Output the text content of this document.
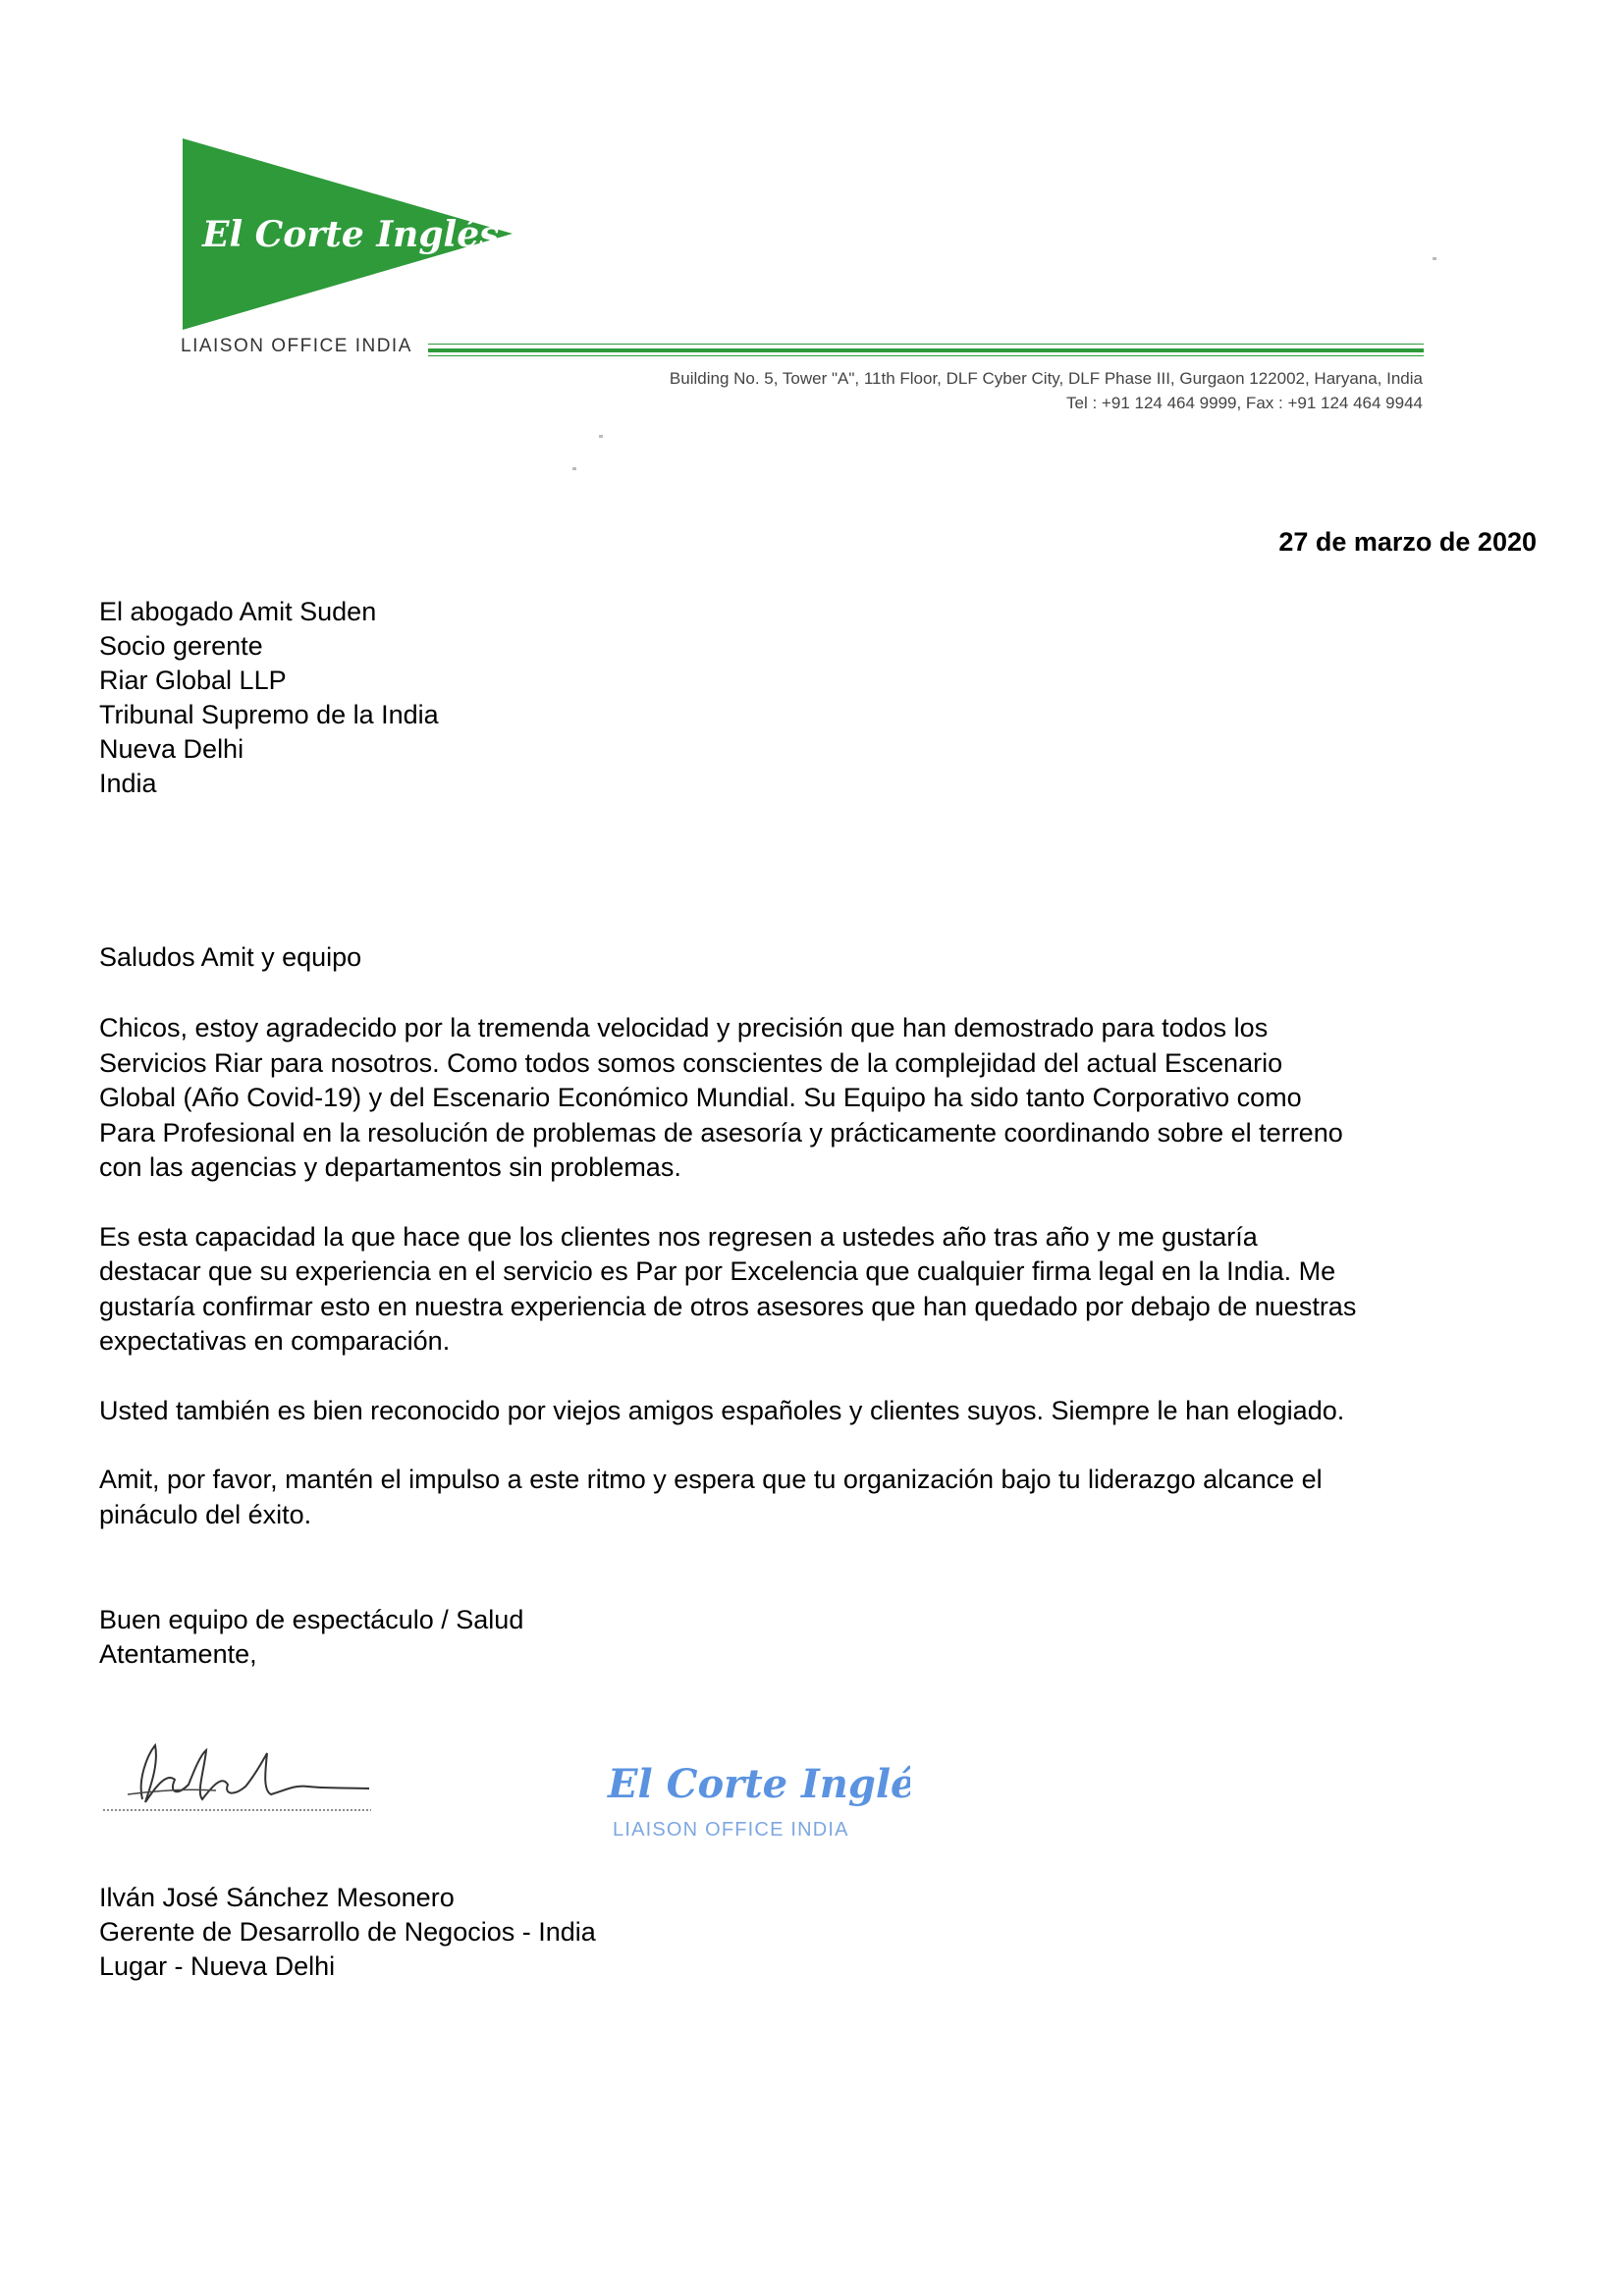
El Corte Inglés
LIAISON OFFICE INDIA
Building No. 5, Tower "A", 11th Floor, DLF Cyber City, DLF Phase III, Gurgaon 122002, Haryana, India
Tel : +91 124 464 9999, Fax : +91 124 464 9944
27 de marzo de 2020
El abogado Amit Suden
Socio gerente
Riar Global LLP
Tribunal Supremo de la India
Nueva Delhi
India
Saludos Amit y equipo

Chicos, estoy agradecido por la tremenda velocidad y precisión que han demostrado para todos los
Servicios Riar para nosotros. Como todos somos conscientes de la complejidad del actual Escenario
Global (Año Covid-19) y del Escenario Económico Mundial. Su Equipo ha sido tanto Corporativo como
Para Profesional en la resolución de problemas de asesoría y prácticamente coordinando sobre el terreno
con las agencias y departamentos sin problemas.

Es esta capacidad la que hace que los clientes nos regresen a ustedes año tras año y me gustaría
destacar que su experiencia en el servicio es Par por Excelencia que cualquier firma legal en la India. Me
gustaría confirmar esto en nuestra experiencia de otros asesores que han quedado por debajo de nuestras
expectativas en comparación.

Usted también es bien reconocido por viejos amigos españoles y clientes suyos. Siempre le han elogiado.

Amit, por favor, mantén el impulso a este ritmo y espera que tu organización bajo tu liderazgo alcance el
pináculo del éxito.

Buen equipo de espectáculo / Salud
Atentamente,
El Corte Inglés
LIAISON OFFICE INDIA
Ilván José Sánchez Mesonero
Gerente de Desarrollo de Negocios - India
Lugar - Nueva Delhi
